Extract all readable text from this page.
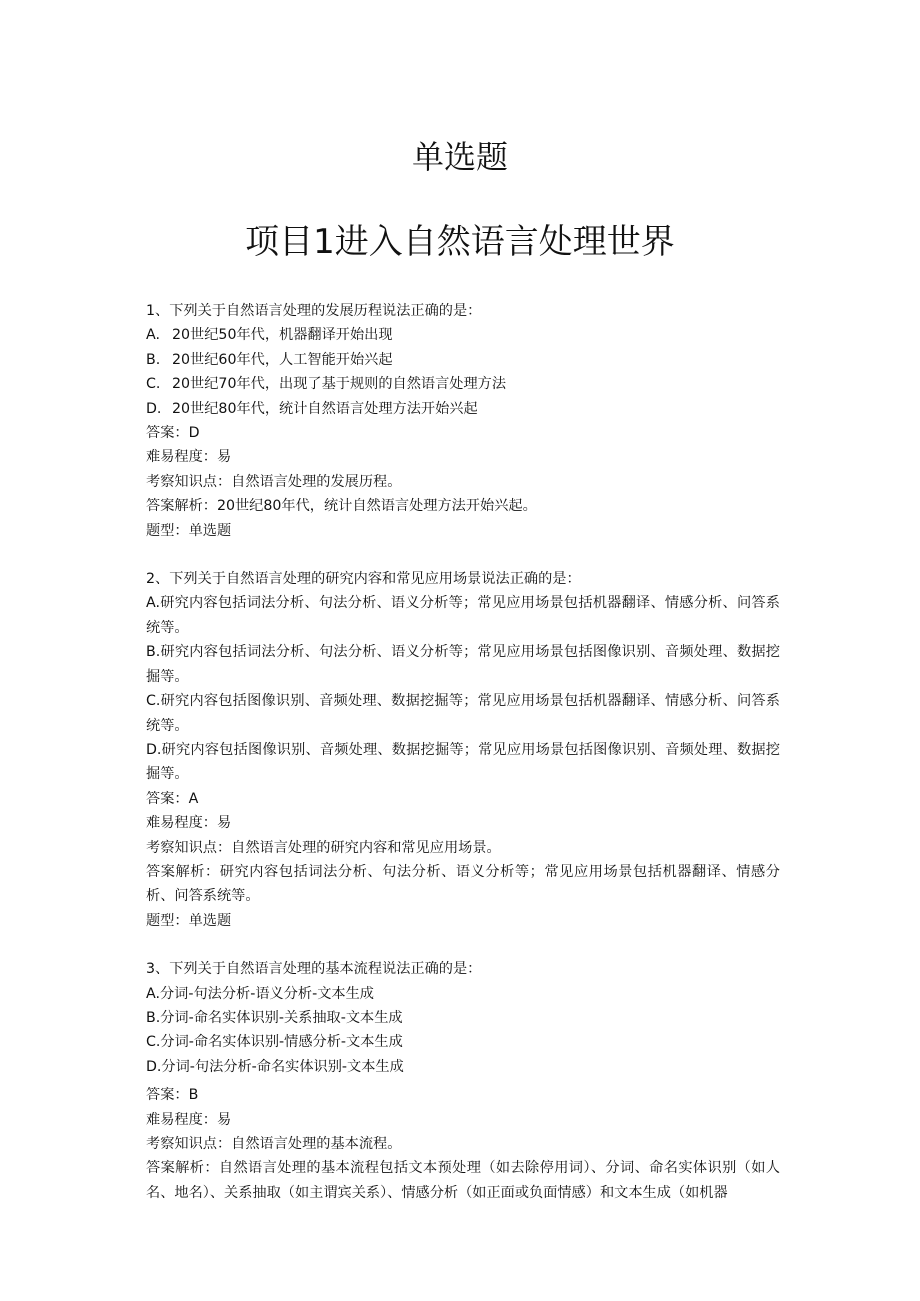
单选题
项目1进入自然语言处理世界
1、下列关于自然语言处理的发展历程说法正确的是：
A. 20世纪50年代，机器翻译开始出现
B. 20世纪60年代，人工智能开始兴起
C. 20世纪70年代，出现了基于规则的自然语言处理方法
D. 20世纪80年代，统计自然语言处理方法开始兴起
答案：D
难易程度：易
考察知识点：自然语言处理的发展历程。
答案解析：20世纪80年代，统计自然语言处理方法开始兴起。
题型：单选题
2、下列关于自然语言处理的研究内容和常见应用场景说法正确的是：
A.研究内容包括词法分析、句法分析、语义分析等；常见应用场景包括机器翻译、情感分析、问答系统等。
B.研究内容包括词法分析、句法分析、语义分析等；常见应用场景包括图像识别、音频处理、数据挖掘等。
C.研究内容包括图像识别、音频处理、数据挖掘等；常见应用场景包括机器翻译、情感分析、问答系统等。
D.研究内容包括图像识别、音频处理、数据挖掘等；常见应用场景包括图像识别、音频处理、数据挖掘等。
答案：A
难易程度：易
考察知识点：自然语言处理的研究内容和常见应用场景。
答案解析：研究内容包括词法分析、句法分析、语义分析等；常见应用场景包括机器翻译、情感分析、问答系统等。
题型：单选题
3、下列关于自然语言处理的基本流程说法正确的是：
A.分词-句法分析-语义分析-文本生成
B.分词-命名实体识别-关系抽取-文本生成
C.分词-命名实体识别-情感分析-文本生成
D.分词-句法分析-命名实体识别-文本生成
答案：B
难易程度：易
考察知识点：自然语言处理的基本流程。
答案解析：自然语言处理的基本流程包括文本预处理（如去除停用词）、分词、命名实体识别（如人名、地名）、关系抽取（如主谓宾关系）、情感分析（如正面或负面情感）和文本生成（如机器
